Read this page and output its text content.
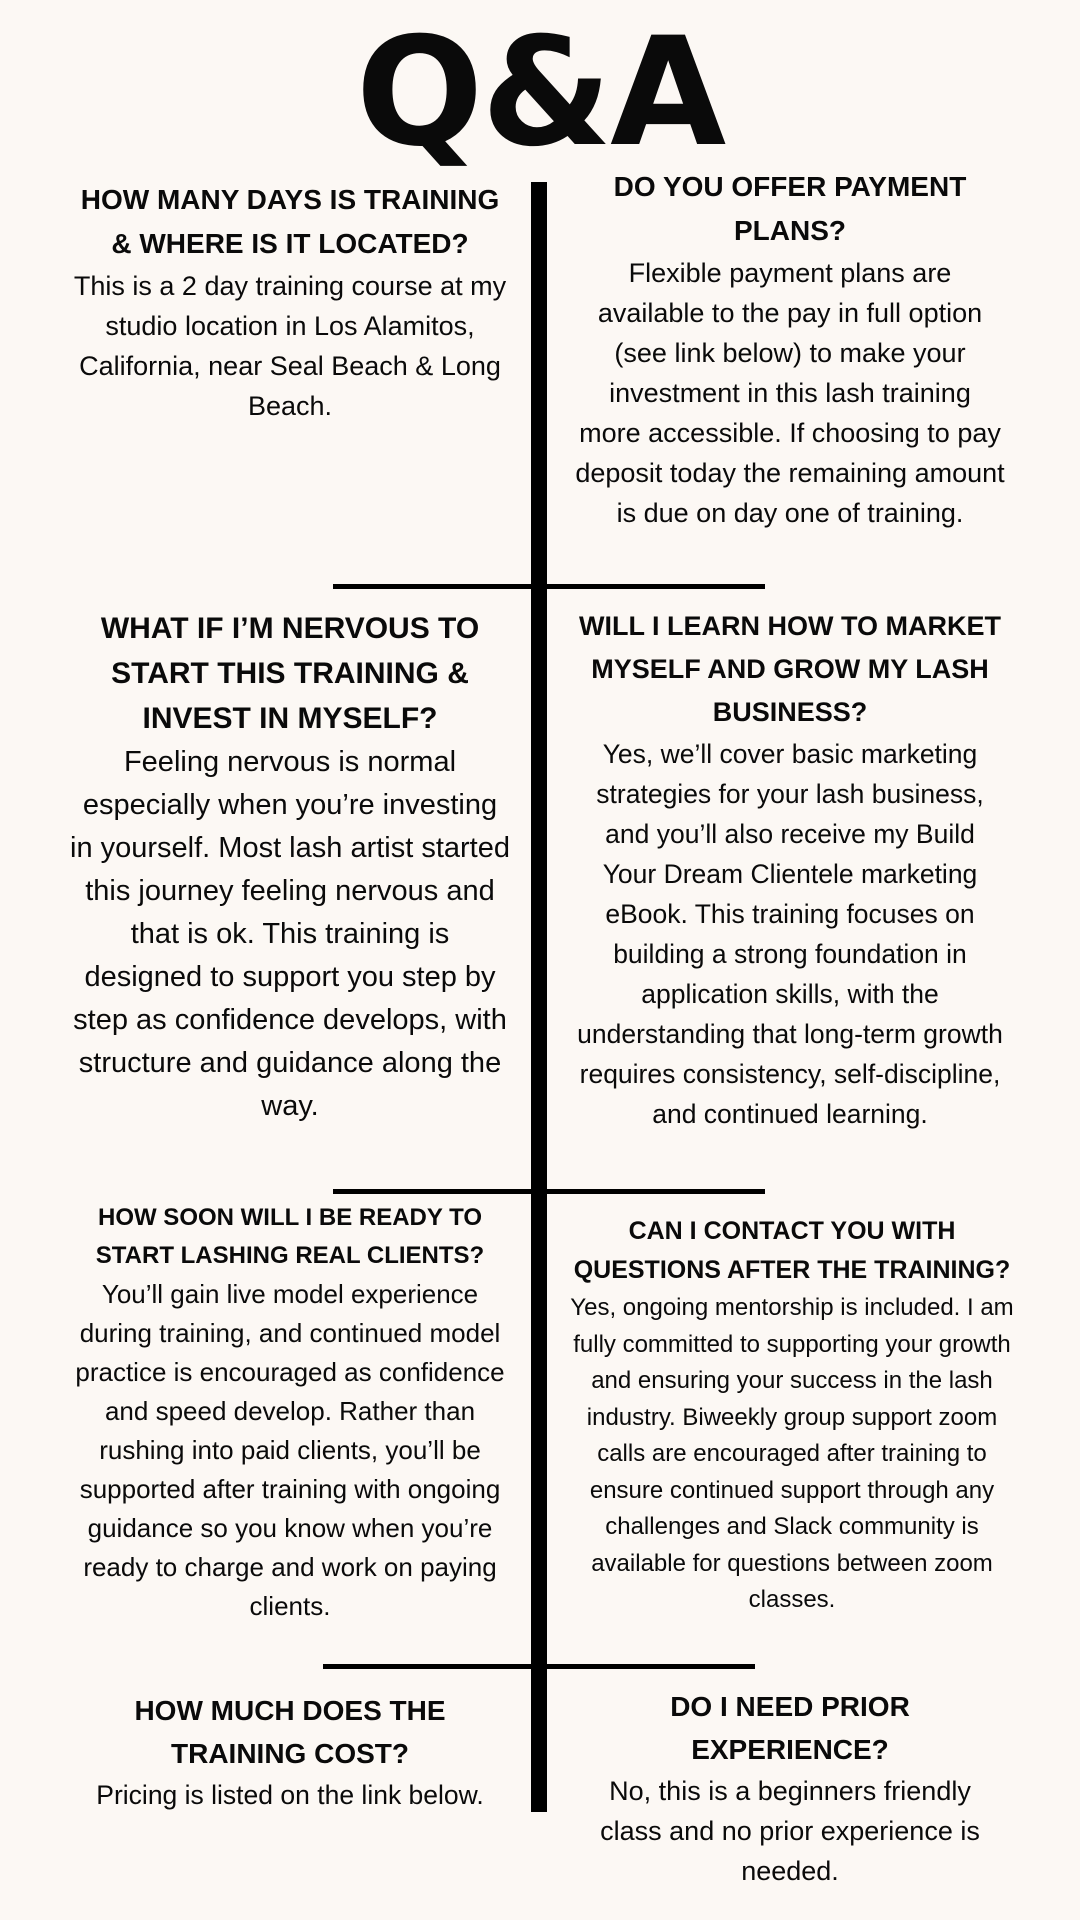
Q&A

HOW MANY DAYS IS TRAINING & WHERE IS IT LOCATED?

This is a 2 day training course at my studio location in Los Alamitos, California, near Seal Beach & Long Beach.

DO YOU OFFER PAYMENT PLANS?

Flexible payment plans are available to the pay in full option (see link below) to make your investment in this lash training more accessible. If choosing to pay deposit today the remaining amount is due on day one of training.

WHAT IF I’M NERVOUS TO START THIS TRAINING & INVEST IN MYSELF?

Feeling nervous is normal especially when you’re investing in yourself. Most lash artist started this journey feeling nervous and that is ok. This training is designed to support you step by step as confidence develops, with structure and guidance along the way.

WILL I LEARN HOW TO MARKET MYSELF AND GROW MY LASH BUSINESS?

Yes, we’ll cover basic marketing strategies for your lash business, and you’ll also receive my Build Your Dream Clientele marketing eBook. This training focuses on building a strong foundation in application skills, with the understanding that long-term growth requires consistency, self-discipline, and continued learning.

HOW SOON WILL I BE READY TO START LASHING REAL CLIENTS?

You’ll gain live model experience during training, and continued model practice is encouraged as confidence and speed develop. Rather than rushing into paid clients, you’ll be supported after training with ongoing guidance so you know when you’re ready to charge and work on paying clients.

CAN I CONTACT YOU WITH QUESTIONS AFTER THE TRAINING?

Yes, ongoing mentorship is included. I am fully committed to supporting your growth and ensuring your success in the lash industry. Biweekly group support zoom calls are encouraged after training to ensure continued support through any challenges and Slack community is available for questions between zoom classes.

HOW MUCH DOES THE TRAINING COST?

Pricing is listed on the link below.

DO I NEED PRIOR EXPERIENCE?

No, this is a beginners friendly class and no prior experience is needed.
